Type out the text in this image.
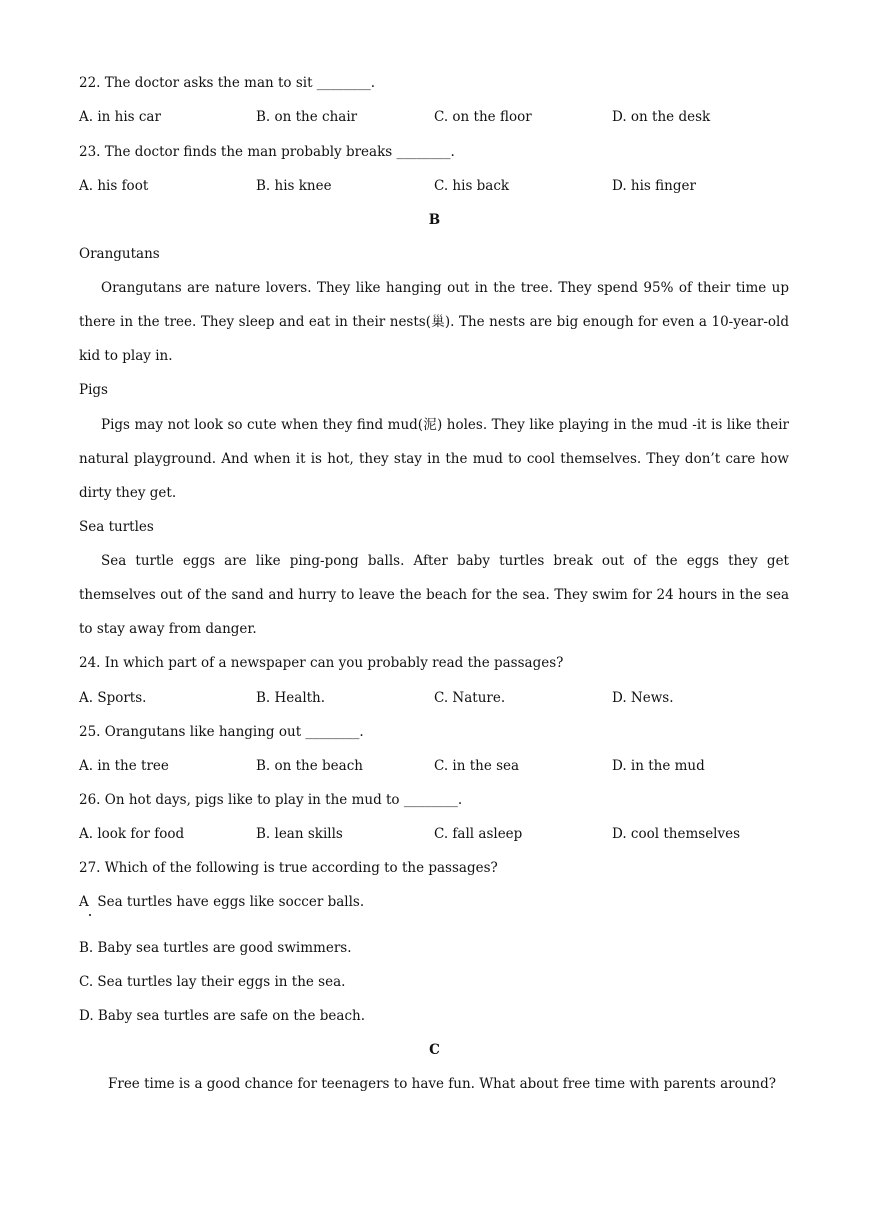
22. The doctor asks the man to sit ________.
A. in his car	B. on the chair	C. on the floor	D. on the desk
23. The doctor finds the man probably breaks ________.
A. his foot	B. his knee	C. his back	D. his finger
B
Orangutans
Orangutans are nature lovers. They like hanging out in the tree. They spend 95% of their time up there in the tree. They sleep and eat in their nests(巢). The nests are big enough for even a 10-year-old kid to play in.
Pigs
Pigs may not look so cute when they find mud(泥) holes. They like playing in the mud -it is like their natural playground. And when it is hot, they stay in the mud to cool themselves. They don’t care how dirty they get.
Sea turtles
Sea turtle eggs are like ping-pong balls. After baby turtles break out of the eggs they get themselves out of the sand and hurry to leave the beach for the sea. They swim for 24 hours in the sea to stay away from danger.
24. In which part of a newspaper can you probably read the passages?
A. Sports.	B. Health.	C. Nature.	D. News.
25. Orangutans like hanging out ________.
A. in the tree	B. on the beach	C. in the sea	D. in the mud
26. On hot days, pigs like to play in the mud to ________.
A. look for food	B. lean skills	C. fall asleep	D. cool themselves
27. Which of the following is true according to the passages?
A  Sea turtles have eggs like soccer balls.
B. Baby sea turtles are good swimmers.
C. Sea turtles lay their eggs in the sea.
D. Baby sea turtles are safe on the beach.
C
Free time is a good chance for teenagers to have fun. What about free time with parents around?
